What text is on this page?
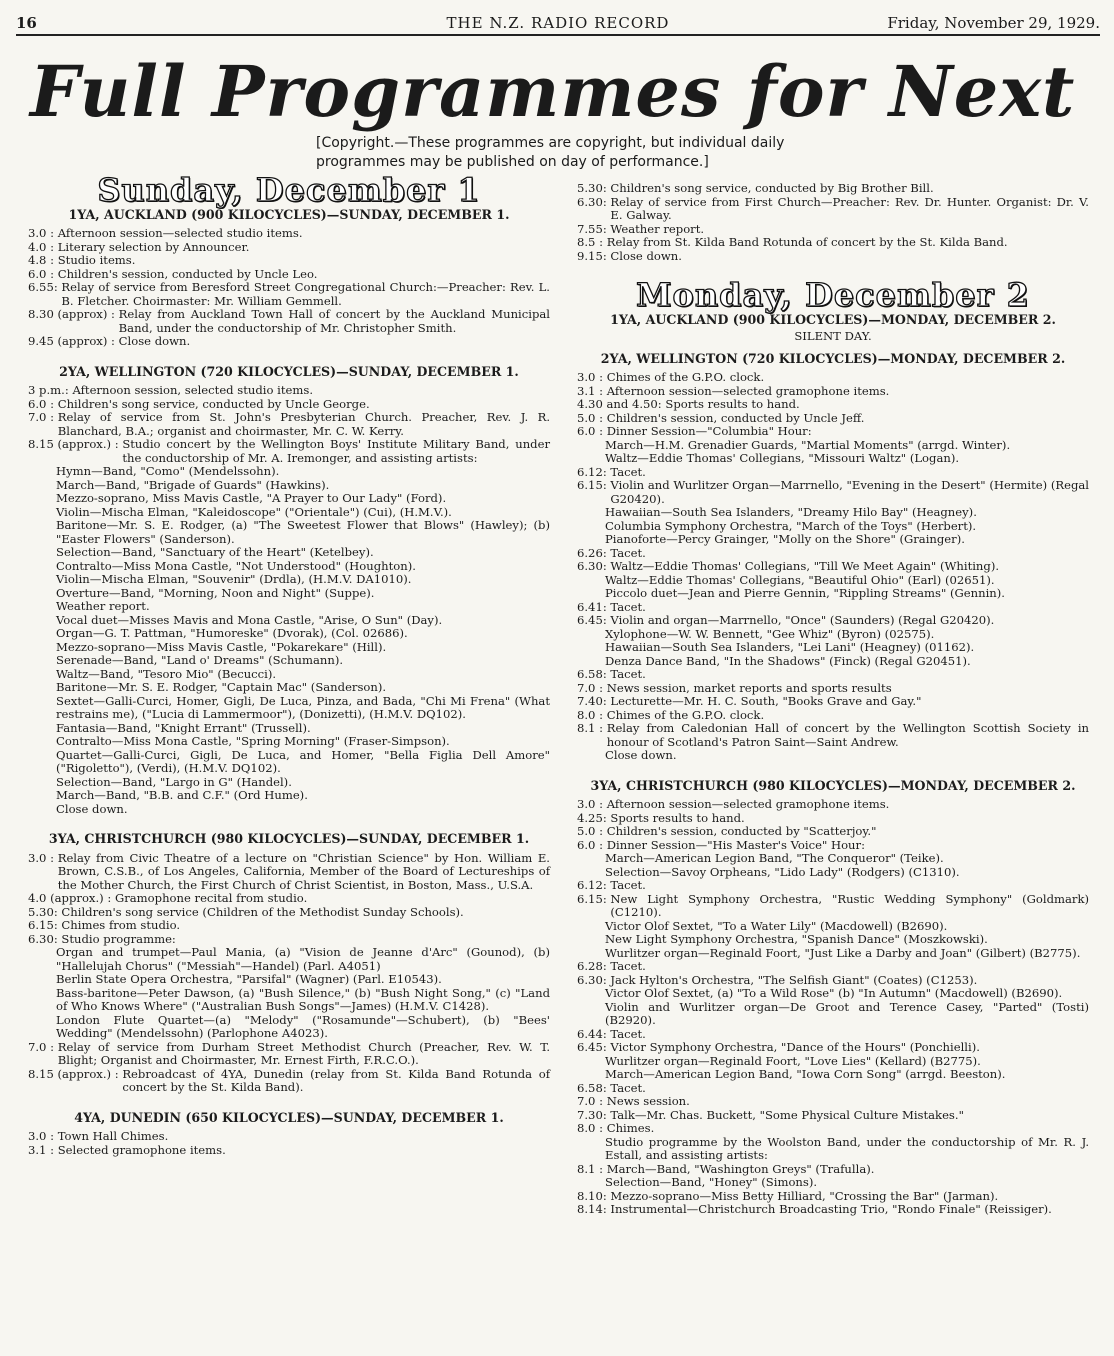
16	THE N.Z. RADIO RECORD	Friday, November 29, 1929.
Full Programmes for Next
[Copyright.—These programmes are copyright, but individual daily programmes may be published on day of performance.]
Sunday, December 1
1YA, AUCKLAND (900 KILOCYCLES)—SUNDAY, DECEMBER 1.
3.0 : Afternoon session—selected studio items.
4.0 : Literary selection by Announcer.
4.8 : Studio items.
6.0 : Children's session, conducted by Uncle Leo.
6.55: Relay of service from Beresford Street Congregational Church:—Preacher: Rev. L. B. Fletcher. Choirmaster: Mr. William Gemmell.
8.30 (approx) : Relay from Auckland Town Hall of concert by the Auckland Municipal Band, under the conductorship of Mr. Christopher Smith.
9.45 (approx) : Close down.
2YA, WELLINGTON (720 KILOCYCLES)—SUNDAY, DECEMBER 1.
3 p.m.: Afternoon session, selected studio items.
6.0 : Children's song service, conducted by Uncle George.
7.0 : Relay of service from St. John's Presbyterian Church. Preacher, Rev. J. R. Blanchard, B.A.; organist and choirmaster, Mr. C. W. Kerry.
8.15 (approx.) : Studio concert by the Wellington Boys' Institute Military Band, under the conductorship of Mr. A. Iremonger, and assisting artists:
Hymn—Band, "Como" (Mendelssohn).
March—Band, "Brigade of Guards" (Hawkins).
Mezzo-soprano, Miss Mavis Castle, "A Prayer to Our Lady" (Ford).
Violin—Mischa Elman, "Kaleidoscope" ("Orientale") (Cui), (H.M.V.).
Baritone—Mr. S. E. Rodger, (a) "The Sweetest Flower that Blows" (Hawley); (b) "Easter Flowers" (Sanderson).
Selection—Band, "Sanctuary of the Heart" (Ketelbey).
Contralto—Miss Mona Castle, "Not Understood" (Houghton).
Violin—Mischa Elman, "Souvenir" (Drdla), (H.M.V. DA1010).
Overture—Band, "Morning, Noon and Night" (Suppe).
Weather report.
Vocal duet—Misses Mavis and Mona Castle, "Arise, O Sun" (Day).
Organ—G. T. Pattman, "Humoreske" (Dvorak), (Col. 02686).
Mezzo-soprano—Miss Mavis Castle, "Pokarekare" (Hill).
Serenade—Band, "Land o' Dreams" (Schumann).
Waltz—Band, "Tesoro Mio" (Becucci).
Baritone—Mr. S. E. Rodger, "Captain Mac" (Sanderson).
Sextet—Galli-Curci, Homer, Gigli, De Luca, Pinza, and Bada, "Chi Mi Frena" (What restrains me), ("Lucia di Lammermoor"), (Donizetti), (H.M.V. DQ102).
Fantasia—Band, "Knight Errant" (Trussell).
Contralto—Miss Mona Castle, "Spring Morning" (Fraser-Simpson).
Quartet—Galli-Curci, Gigli, De Luca, and Homer, "Bella Figlia Dell Amore" ("Rigoletto"), (Verdi), (H.M.V. DQ102).
Selection—Band, "Largo in G" (Handel).
March—Band, "B.B. and C.F." (Ord Hume).
Close down.
3YA, CHRISTCHURCH (980 KILOCYCLES)—SUNDAY, DECEMBER 1.
3.0 : Relay from Civic Theatre of a lecture on "Christian Science" by Hon. William E. Brown, C.S.B., of Los Angeles, California, Member of the Board of Lectureships of the Mother Church, the First Church of Christ Scientist, in Boston, Mass., U.S.A.
4.0 (approx.) : Gramophone recital from studio.
5.30: Children's song service (Children of the Methodist Sunday Schools).
6.15: Chimes from studio.
6.30: Studio programme:
Organ and trumpet—Paul Mania, (a) "Vision de Jeanne d'Arc" (Gounod), (b) "Hallelujah Chorus" ("Messiah"—Handel) (Parl. A4051)
Berlin State Opera Orchestra, "Parsifal" (Wagner) (Parl. E10543).
Bass-baritone—Peter Dawson, (a) "Bush Silence," (b) "Bush Night Song," (c) "Land of Who Knows Where" ("Australian Bush Songs"—James) (H.M.V. C1428).
London Flute Quartet—(a) "Melody" ("Rosamunde"—Schubert), (b) "Bees' Wedding" (Mendelssohn) (Parlophone A4023).
7.0 : Relay of service from Durham Street Methodist Church (Preacher, Rev. W. T. Blight; Organist and Choirmaster, Mr. Ernest Firth, F.R.C.O.).
8.15 (approx.) : Rebroadcast of 4YA, Dunedin (relay from St. Kilda Band Rotunda of concert by the St. Kilda Band).
4YA, DUNEDIN (650 KILOCYCLES)—SUNDAY, DECEMBER 1.
3.0 : Town Hall Chimes.
3.1 : Selected gramophone items.
5.30: Children's song service, conducted by Big Brother Bill.
6.30: Relay of service from First Church—Preacher: Rev. Dr. Hunter. Organist: Dr. V. E. Galway.
7.55: Weather report.
8.5 : Relay from St. Kilda Band Rotunda of concert by the St. Kilda Band.
9.15: Close down.
Monday, December 2
1YA, AUCKLAND (900 KILOCYCLES)—MONDAY, DECEMBER 2.
SILENT DAY.
2YA, WELLINGTON (720 KILOCYCLES)—MONDAY, DECEMBER 2.
3.0 : Chimes of the G.P.O. clock.
3.1 : Afternoon session—selected gramophone items.
4.30 and 4.50: Sports results to hand.
5.0 : Children's session, conducted by Uncle Jeff.
6.0 : Dinner Session—"Columbia" Hour:
March—H.M. Grenadier Guards, "Martial Moments" (arrgd. Winter).
Waltz—Eddie Thomas' Collegians, "Missouri Waltz" (Logan).
6.12: Tacet.
6.15: Violin and Wurlitzer Organ—Marrnello, "Evening in the Desert" (Hermite) (Regal G20420).
Hawaiian—South Sea Islanders, "Dreamy Hilo Bay" (Heagney).
Columbia Symphony Orchestra, "March of the Toys" (Herbert).
Pianoforte—Percy Grainger, "Molly on the Shore" (Grainger).
6.26: Tacet.
6.30: Waltz—Eddie Thomas' Collegians, "Till We Meet Again" (Whiting).
Waltz—Eddie Thomas' Collegians, "Beautiful Ohio" (Earl) (02651).
Piccolo duet—Jean and Pierre Gennin, "Rippling Streams" (Gennin).
6.41: Tacet.
6.45: Violin and organ—Marrnello, "Once" (Saunders) (Regal G20420).
Xylophone—W. W. Bennett, "Gee Whiz" (Byron) (02575).
Hawaiian—South Sea Islanders, "Lei Lani" (Heagney) (01162).
Denza Dance Band, "In the Shadows" (Finck) (Regal G20451).
6.58: Tacet.
7.0 : News session, market reports and sports results
7.40: Lecturette—Mr. H. C. South, "Books Grave and Gay."
8.0 : Chimes of the G.P.O. clock.
8.1 : Relay from Caledonian Hall of concert by the Wellington Scottish Society in honour of Scotland's Patron Saint—Saint Andrew.
Close down.
3YA, CHRISTCHURCH (980 KILOCYCLES)—MONDAY, DECEMBER 2.
3.0 : Afternoon session—selected gramophone items.
4.25: Sports results to hand.
5.0 : Children's session, conducted by "Scatterjoy."
6.0 : Dinner Session—"His Master's Voice" Hour:
March—American Legion Band, "The Conqueror" (Teike).
Selection—Savoy Orpheans, "Lido Lady" (Rodgers) (C1310).
6.12: Tacet.
6.15: New Light Symphony Orchestra, "Rustic Wedding Symphony" (Goldmark) (C1210).
Victor Olof Sextet, "To a Water Lily" (Macdowell) (B2690).
New Light Symphony Orchestra, "Spanish Dance" (Moszkowski).
Wurlitzer organ—Reginald Foort, "Just Like a Darby and Joan" (Gilbert) (B2775).
6.28: Tacet.
6.30: Jack Hylton's Orchestra, "The Selfish Giant" (Coates) (C1253).
Victor Olof Sextet, (a) "To a Wild Rose" (b) "In Autumn" (Macdowell) (B2690).
Violin and Wurlitzer organ—De Groot and Terence Casey, "Parted" (Tosti) (B2920).
6.44: Tacet.
6.45: Victor Symphony Orchestra, "Dance of the Hours" (Ponchielli).
Wurlitzer organ—Reginald Foort, "Love Lies" (Kellard) (B2775).
March—American Legion Band, "Iowa Corn Song" (arrgd. Beeston).
6.58: Tacet.
7.0 : News session.
7.30: Talk—Mr. Chas. Buckett, "Some Physical Culture Mistakes."
8.0 : Chimes.
Studio programme by the Woolston Band, under the conductorship of Mr. R. J. Estall, and assisting artists:
8.1 : March—Band, "Washington Greys" (Trafulla).
Selection—Band, "Honey" (Simons).
8.10: Mezzo-soprano—Miss Betty Hilliard, "Crossing the Bar" (Jarman).
8.14: Instrumental—Christchurch Broadcasting Trio, "Rondo Finale" (Reissiger).
